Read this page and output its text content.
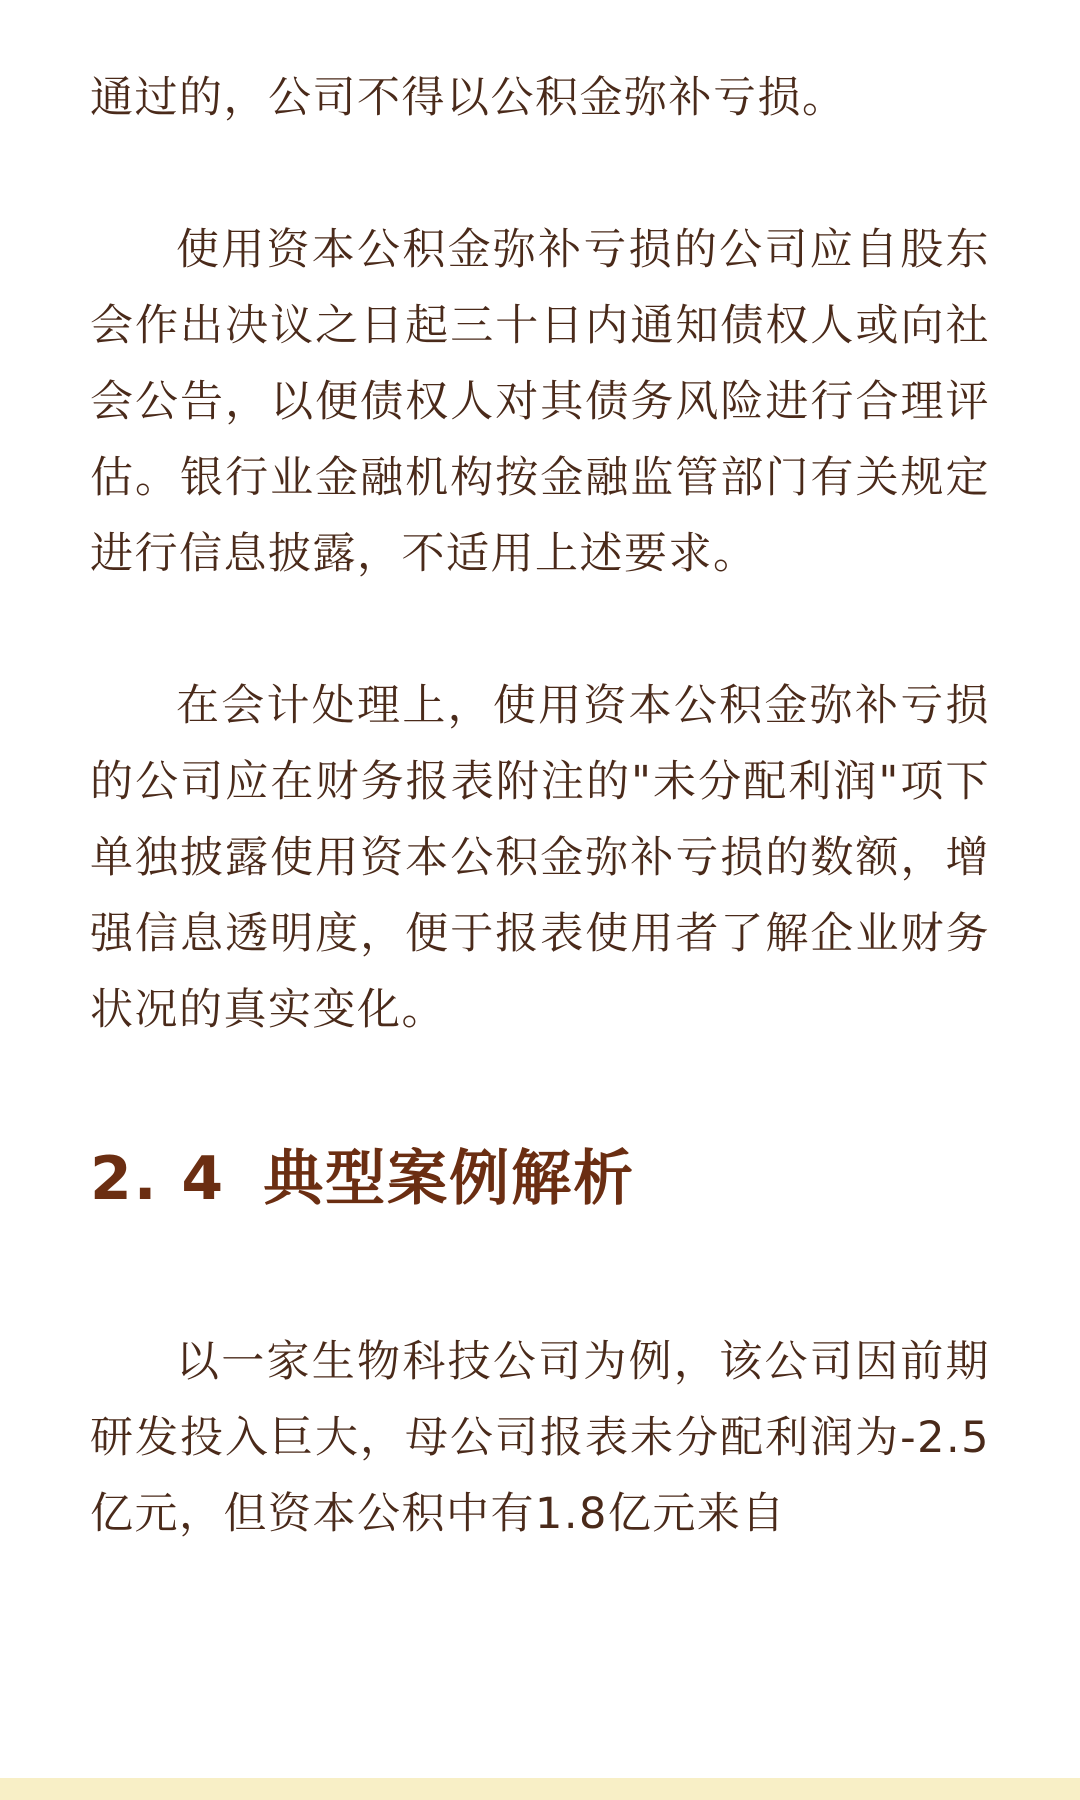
通过的，公司不得以公积金弥补亏损。

使用资本公积金弥补亏损的公司应自股东会作出决议之日起三十日内通知债权人或向社会公告，以便债权人对其债务风险进行合理评估。银行业金融机构按金融监管部门有关规定进行信息披露，不适用上述要求。

在会计处理上，使用资本公积金弥补亏损的公司应在财务报表附注的"未分配利润"项下单独披露使用资本公积金弥补亏损的数额，增强信息透明度，便于报表使用者了解企业财务状况的真实变化。

2. 4 典型案例解析

以一家生物科技公司为例，该公司因前期研发投入巨大，母公司报表未分配利润为-2.5亿元，但资本公积中有1.8亿元来自
